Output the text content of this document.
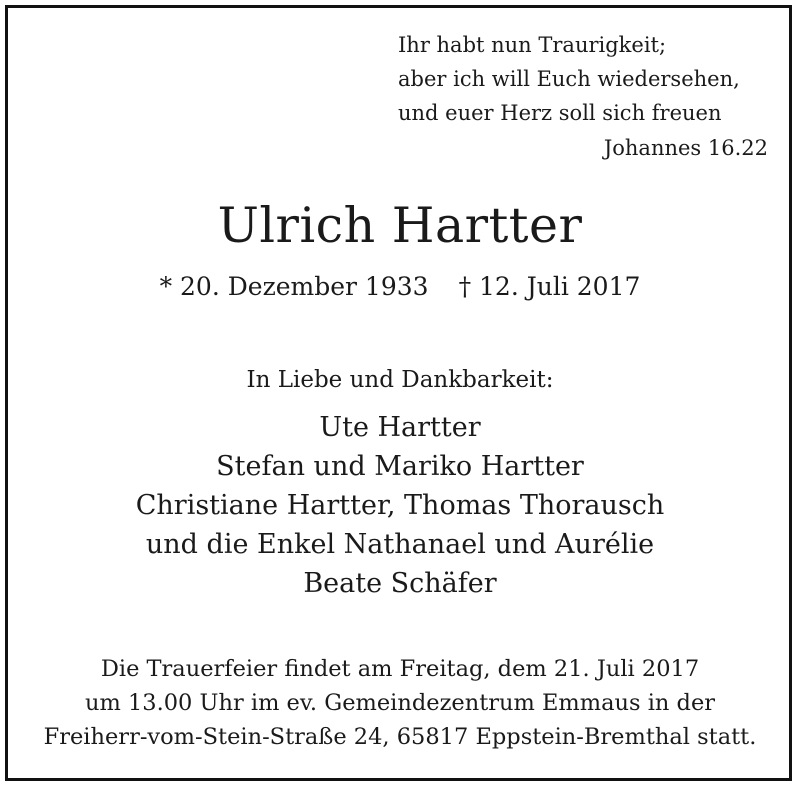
Ihr habt nun Traurigkeit;
aber ich will Euch wiedersehen,
und euer Herz soll sich freuen
Johannes 16.22
Ulrich Hartter
* 20. Dezember 1933 † 12. Juli 2017
In Liebe und Dankbarkeit:
Ute Hartter
Stefan und Mariko Hartter
Christiane Hartter, Thomas Thorausch
und die Enkel Nathanael und Aurélie
Beate Schäfer
Die Trauerfeier findet am Freitag, dem 21. Juli 2017
um 13.00 Uhr im ev. Gemeindezentrum Emmaus in der
Freiherr-vom-Stein-Straße 24, 65817 Eppstein-Bremthal statt.
